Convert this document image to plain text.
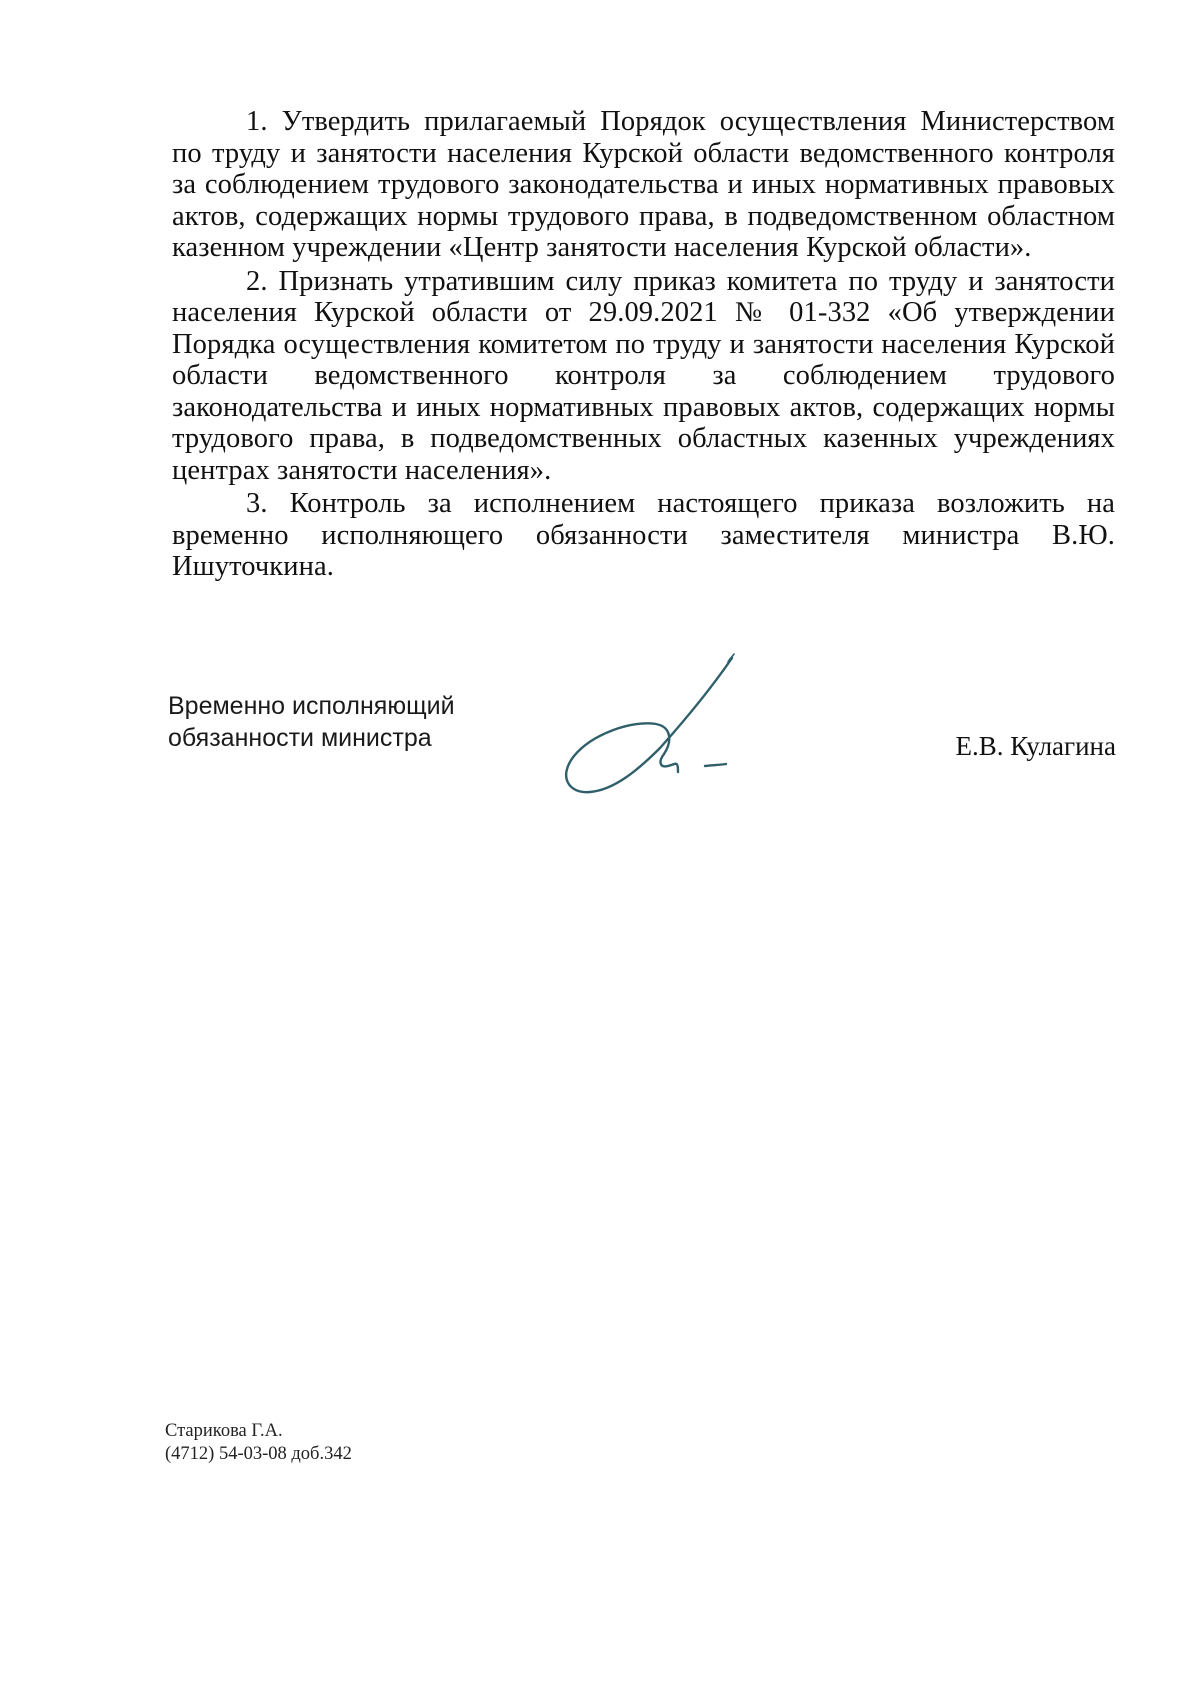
1. Утвердить прилагаемый Порядок осуществления Министерством по труду и занятости населения Курской области ведомственного контроля за соблюдением трудового законодательства и иных нормативных правовых актов, содержащих нормы трудового права, в подведомственном областном казенном учреждении «Центр занятости населения Курской области».

2. Признать утратившим силу приказ комитета по труду и занятости населения Курской области от 29.09.2021 № 01-332 «Об утверждении Порядка осуществления комитетом по труду и занятости населения Курской области ведомственного контроля за соблюдением трудового законодательства и иных нормативных правовых актов, содержащих нормы трудового права, в подведомственных областных казенных учреждениях центрах занятости населения».

3. Контроль за исполнением настоящего приказа возложить на временно исполняющего обязанности заместителя министра В.Ю. Ишуточкина.

Временно исполняющий
обязанности министра	Е.В. Кулагина
Старикова Г.А.
(4712) 54-03-08 доб.342
